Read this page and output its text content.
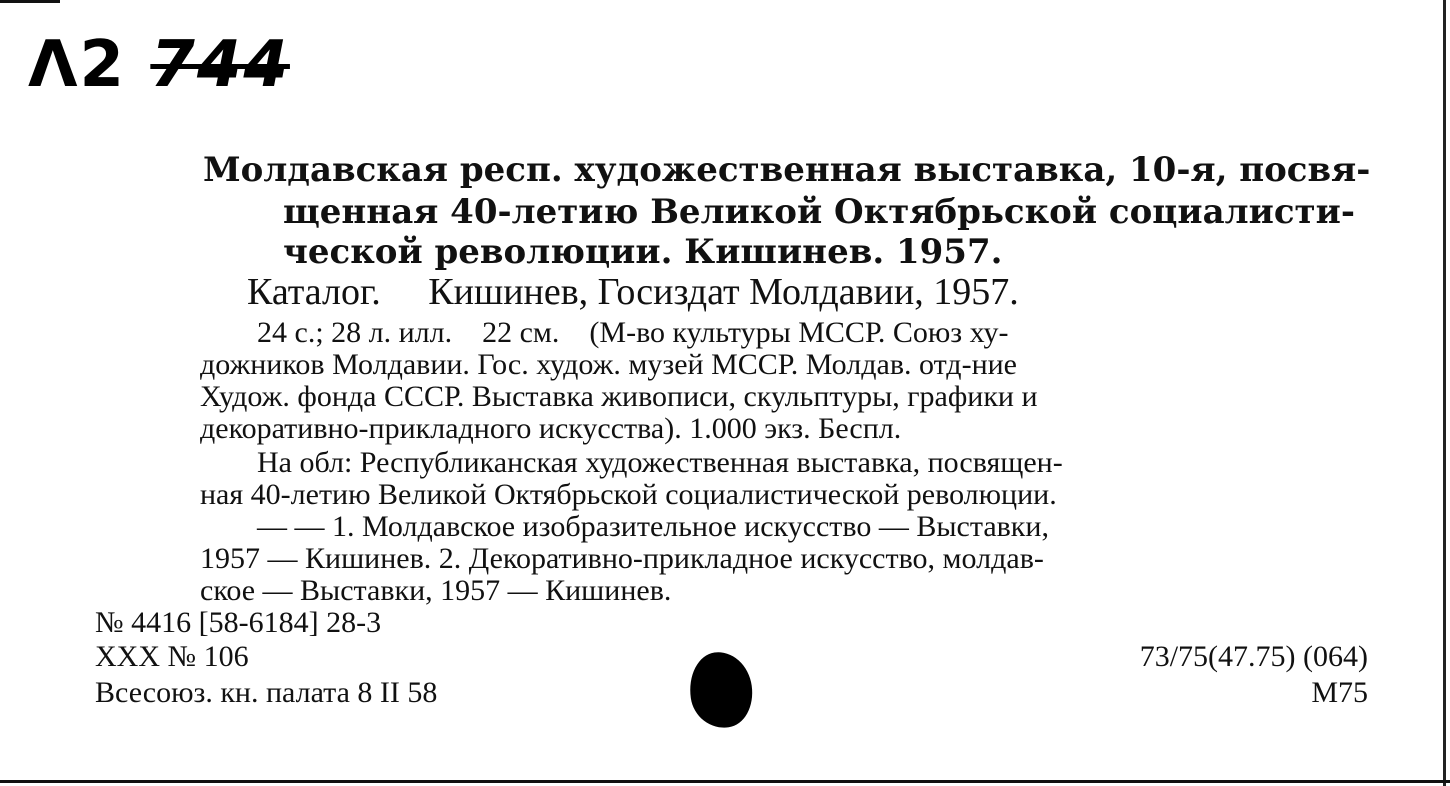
Λ2 744
Молдавская респ. художественная выставка, 10-я, посвя-
щенная 40-летию Великой Октябрьской социалисти-
ческой революции. Кишинев. 1957.
Каталог.     Кишинев, Госиздат Молдавии, 1957.
24 с.; 28 л. илл.    22 см.    (М-во культуры МССР. Союз ху-
дожников Молдавии. Гос. худож. музей МССР. Молдав. отд-ние
Худож. фонда СССР. Выставка живописи, скульптуры, графики и
декоративно-прикладного искусства). 1.000 экз. Беспл.
На обл: Республиканская художественная выставка, посвящен-
ная 40-летию Великой Октябрьской социалистической революции.
— — 1. Молдавское изобразительное искусство — Выставки,
1957 — Кишинев. 2. Декоративно-прикладное искусство, молдав-
ское — Выставки, 1957 — Кишинев.
№ 4416 [58-6184] 28-3
XXX № 106
Всесоюз. кн. палата 8 II 58
73/75(47.75) (064)
M75
